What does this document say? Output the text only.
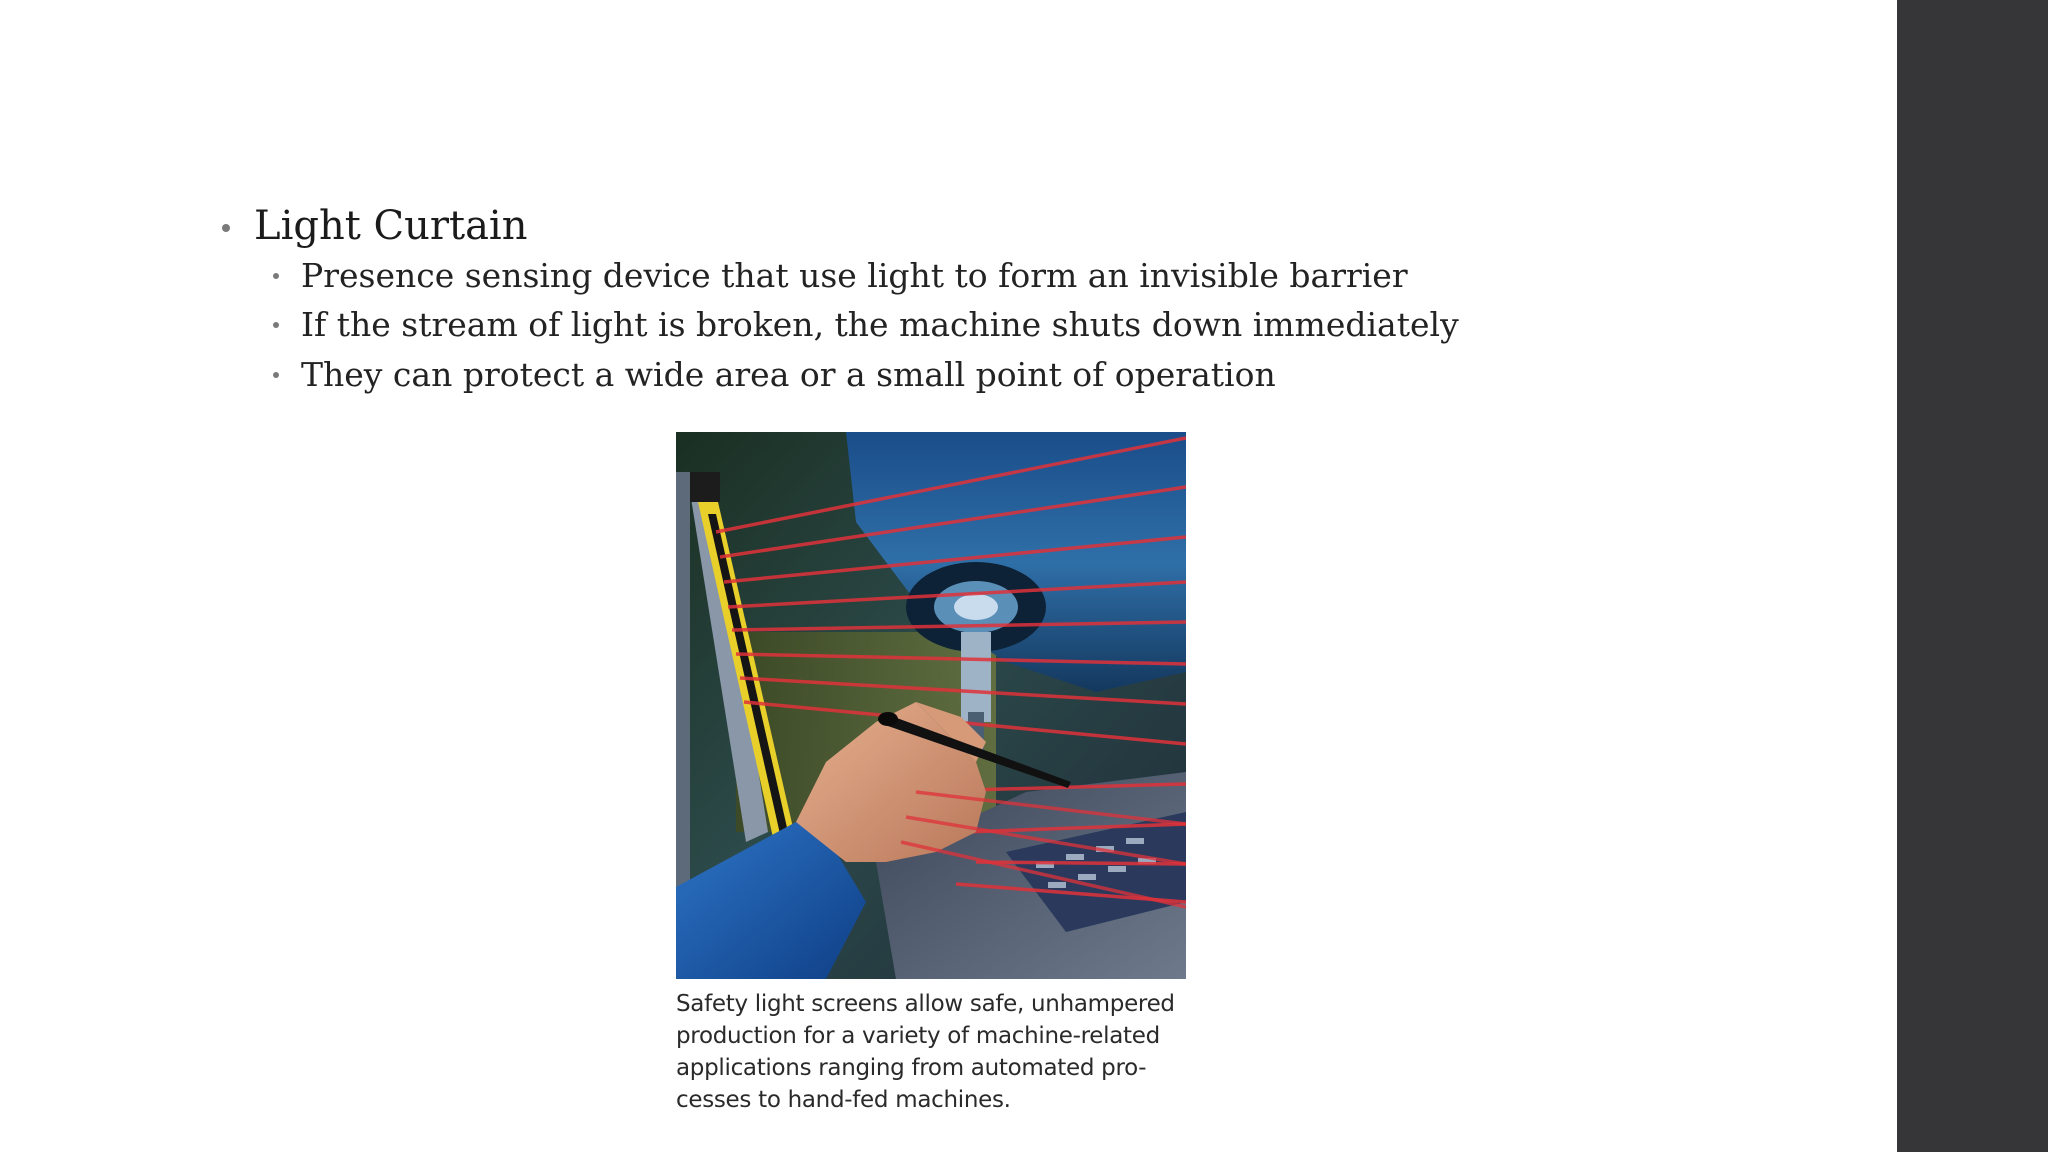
Light Curtain
Presence sensing device that use light to form an invisible barrier
If the stream of light is broken, the machine shuts down immediately
They can protect a wide area or a small point of operation
Safety light screens allow safe, unhampered
production for a variety of machine-related
applications ranging from automated pro-
cesses to hand-fed machines.
